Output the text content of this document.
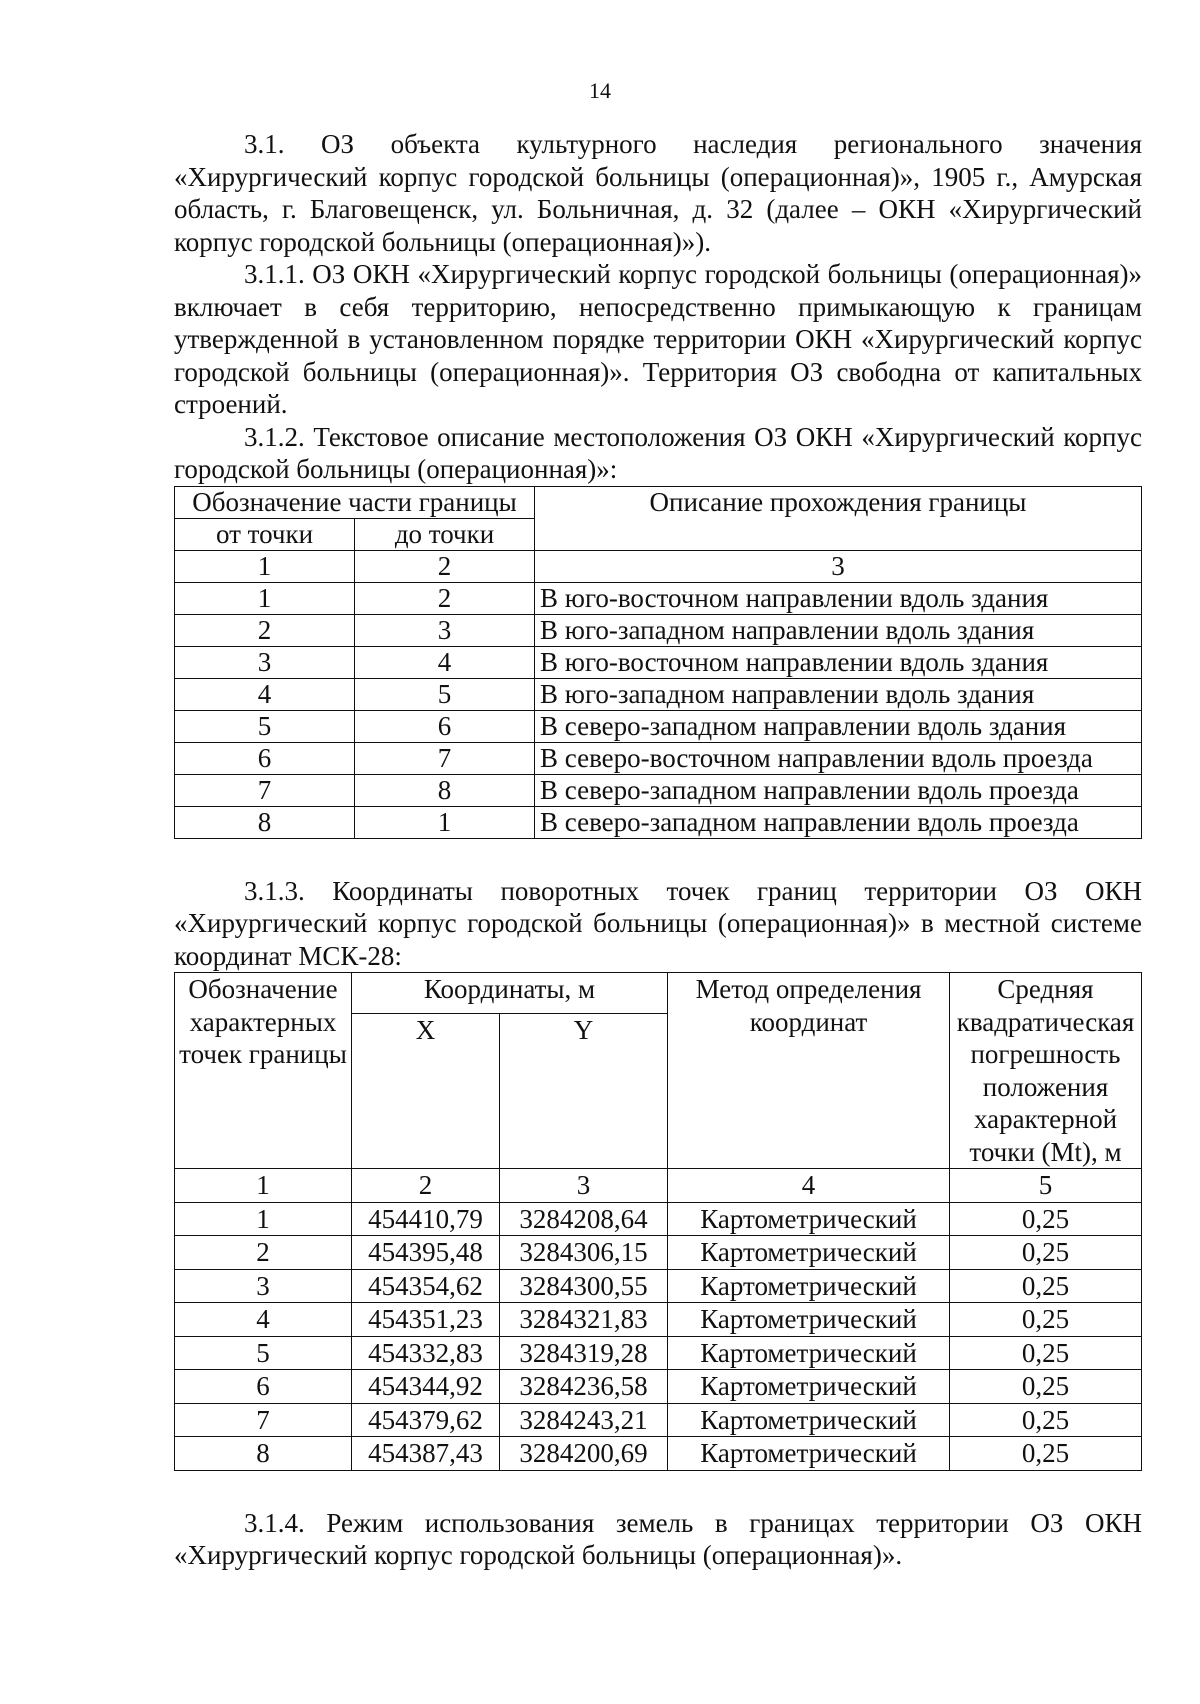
14

3.1. ОЗ объекта культурного наследия регионального значения «Хирургический корпус городской больницы (операционная)», 1905 г., Амурская область, г. Благовещенск, ул. Больничная, д. 32 (далее – ОКН «Хирургический корпус городской больницы (операционная)»).

3.1.1. ОЗ ОКН «Хирургический корпус городской больницы (операционная)» включает в себя территорию, непосредственно примыкающую к границам утвержденной в установленном порядке территории ОКН «Хирургический корпус городской больницы (операционная)». Территория ОЗ свободна от капитальных строений.

3.1.2. Текстовое описание местоположения ОЗ ОКН «Хирургический корпус городской больницы (операционная)»:

Обозначение части границы		Описание прохождения границы
от точки	до точки	
1	2	3
1	2	В юго-восточном направлении вдоль здания
2	3	В юго-западном направлении вдоль здания
3	4	В юго-восточном направлении вдоль здания
4	5	В юго-западном направлении вдоль здания
5	6	В северо-западном направлении вдоль здания
6	7	В северо-восточном направлении вдоль проезда
7	8	В северо-западном направлении вдоль проезда
8	1	В северо-западном направлении вдоль проезда

3.1.3. Координаты поворотных точек границ территории ОЗ ОКН «Хирургический корпус городской больницы (операционная)» в местной системе координат МСК-28:

Обозначение характерных точек границы	Координаты, м		Метод определения координат	Средняя квадратическая погрешность положения характерной точки (Mt), м
	X	Y		
1	2	3	4	5
1	454410,79	3284208,64	Картометрический	0,25
2	454395,48	3284306,15	Картометрический	0,25
3	454354,62	3284300,55	Картометрический	0,25
4	454351,23	3284321,83	Картометрический	0,25
5	454332,83	3284319,28	Картометрический	0,25
6	454344,92	3284236,58	Картометрический	0,25
7	454379,62	3284243,21	Картометрический	0,25
8	454387,43	3284200,69	Картометрический	0,25

3.1.4. Режим использования земель в границах территории ОЗ ОКН «Хирургический корпус городской больницы (операционная)».
